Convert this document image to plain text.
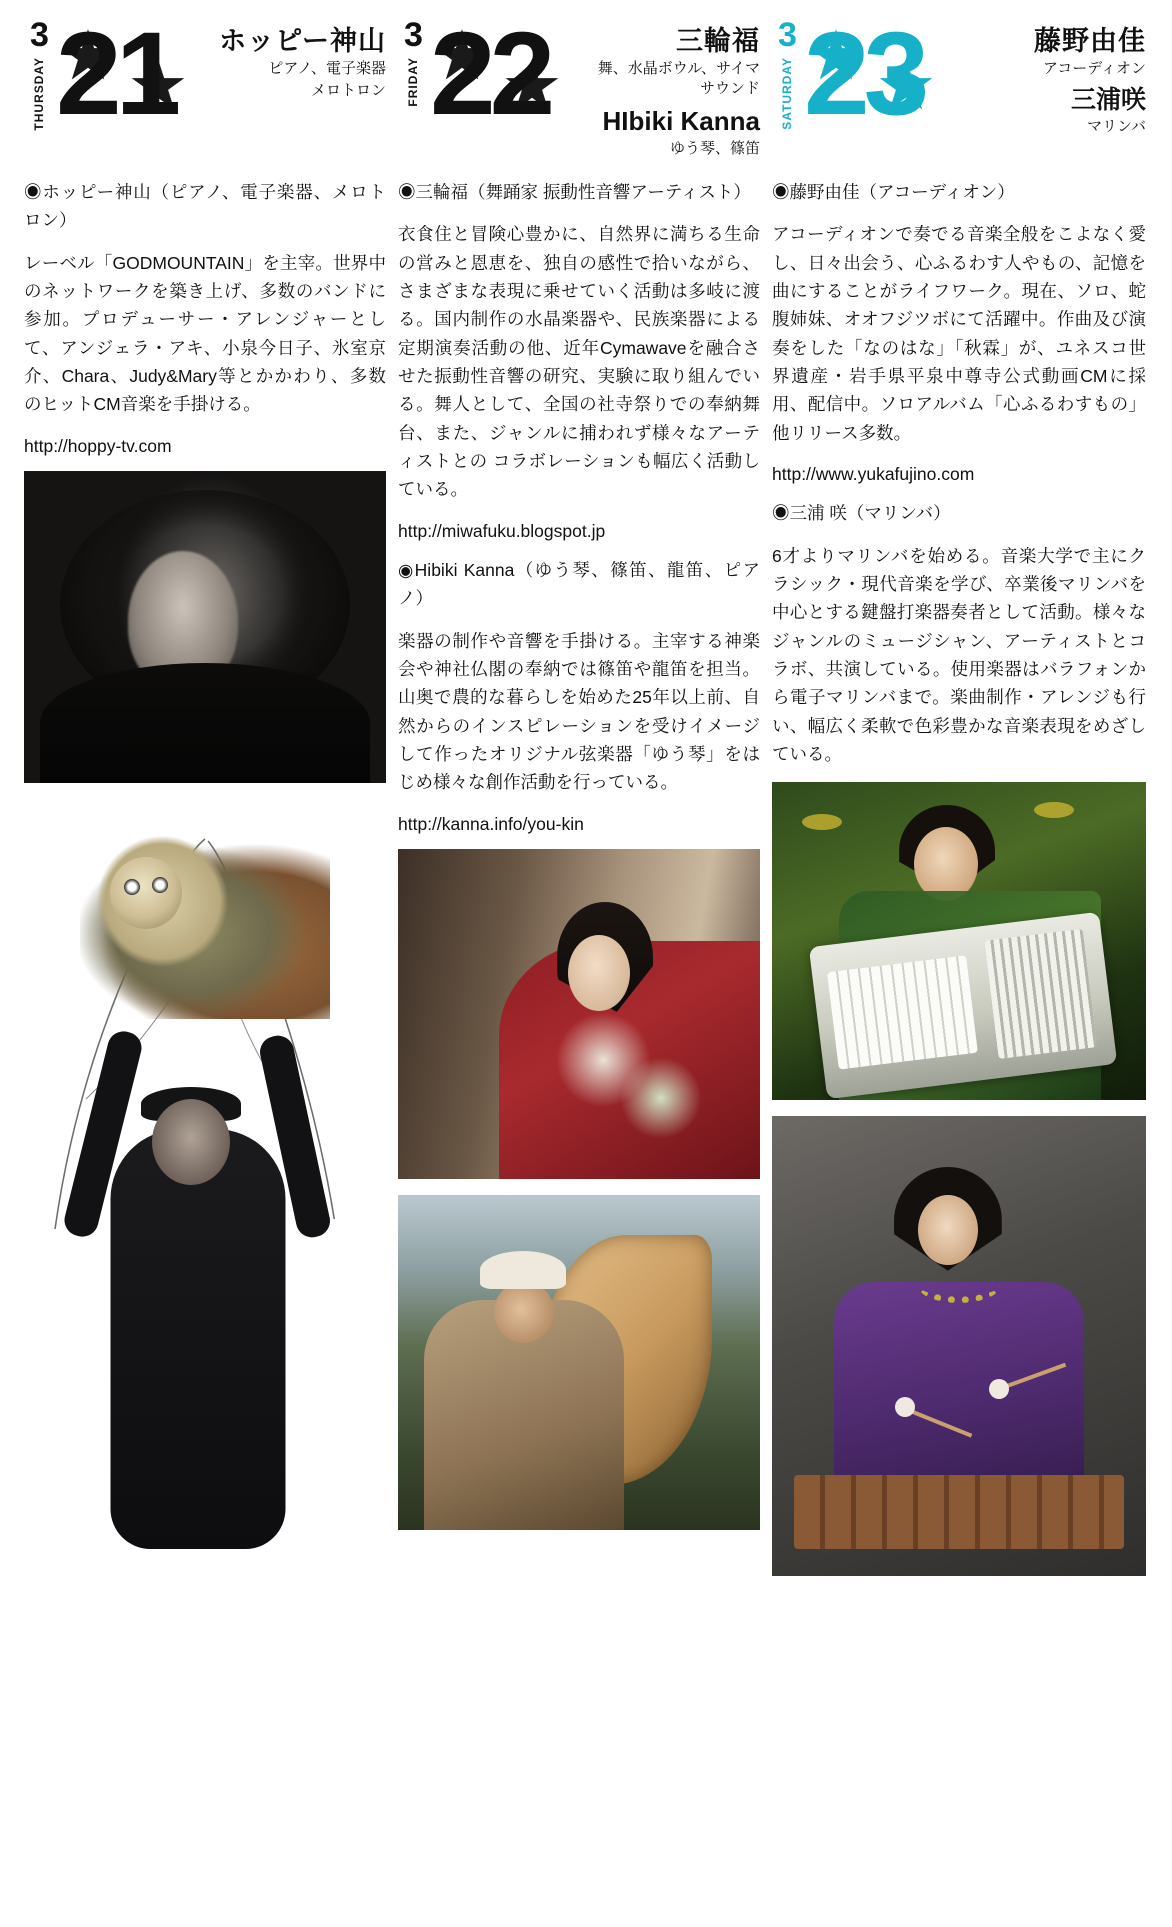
3
THURSDAY 21	ホッピー神山
ピアノ、電子楽器
メロトロン

◉ホッピー神山（ピアノ、電子楽器、メロトロン）

レーベル「GODMOUNTAIN」を主宰。世界中のネットワークを築き上げ、多数のバンドに参加。プロデューサー・アレンジャーとして、アンジェラ・アキ、小泉今日子、氷室京介、Chara、Judy&Mary等とかかわり、多数のヒットCM音楽を手掛ける。

http://hoppy-tv.com

3
FRIDAY 22	三輪福
舞、水晶ボウル、サイマサウンド
HIbiki Kanna
ゆう琴、篠笛

◉三輪福（舞踊家 振動性音響アーティスト）

衣食住と冒険心豊かに、自然界に満ちる生命の営みと恩恵を、独自の感性で拾いながら、さまざまな表現に乗せていく活動は多岐に渡る。国内制作の水晶楽器や、民族楽器による定期演奏活動の他、近年Cymawaveを融合させた振動性音響の研究、実験に取り組んでいる。舞人として、全国の社寺祭りでの奉納舞台、また、ジャンルに捕われず様々なアーティストとの コラボレーションも幅広く活動している。

http://miwafuku.blogspot.jp

◉Hibiki Kanna（ゆう琴、篠笛、龍笛、ピアノ）

楽器の制作や音響を手掛ける。主宰する神楽会や神社仏閣の奉納では篠笛や龍笛を担当。山奥で農的な暮らしを始めた25年以上前、自然からのインスピレーションを受けイメージして作ったオリジナル弦楽器「ゆう琴」をはじめ様々な創作活動を行っている。

http://kanna.info/you-kin

3
SATURDAY 23	藤野由佳
アコーディオン
三浦咲
マリンバ

◉藤野由佳（アコーディオン）

アコーディオンで奏でる音楽全般をこよなく愛し、日々出会う、心ふるわす人やもの、記憶を曲にすることがライフワーク。現在、ソロ、蛇腹姉妹、オオフジツボにて活躍中。作曲及び演奏をした「なのはな」「秋霖」が、ユネスコ世界遺産・岩手県平泉中尊寺公式動画CMに採用、配信中。ソロアルバム「心ふるわすもの」他リリース多数。

http://www.yukafujino.com

◉三浦 咲（マリンバ）

6才よりマリンバを始める。音楽大学で主にクラシック・現代音楽を学び、卒業後マリンバを中心とする鍵盤打楽器奏者として活動。様々なジャンルのミュージシャン、アーティストとコラボ、共演している。使用楽器はバラフォンから電子マリンバまで。楽曲制作・アレンジも行い、幅広く柔軟で色彩豊かな音楽表現をめざしている。
